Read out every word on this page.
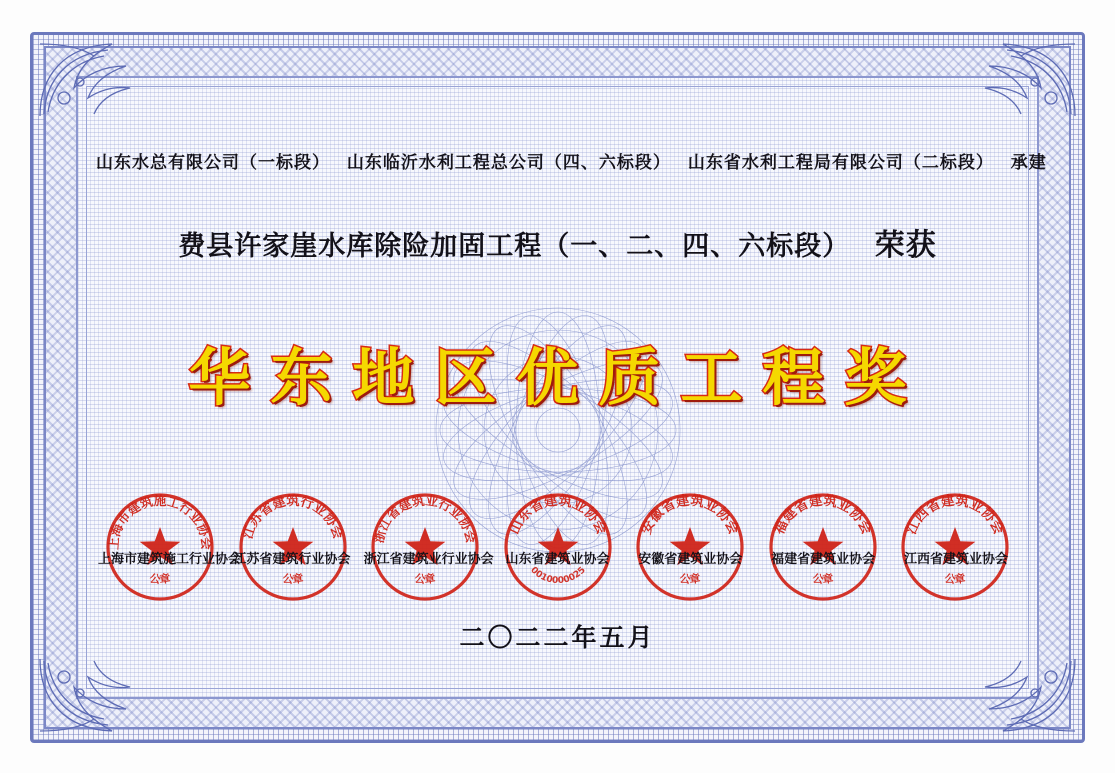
山东水总有限公司（一标段） 山东临沂水利工程总公司（四、六标段） 山东省水利工程局有限公司（二标段） 承建
费县许家崖水库除险加固工程（一、二、四、六标段） 荣获
华东地区优质工程奖
上海市建筑施工行业协会
公章
江苏省建筑行业协会
公章
浙江省建筑业行业协会
公章
山东省建筑业协会
0010000025
安徽省建筑业协会
公章
福建省建筑业协会
公章
江西省建筑业协会
公章
上海市建筑施工行业协会
江苏省建筑行业协会 浙江省建筑业行业协会 山东省建筑业协会	安徽省建筑业协会	福建省建筑业协会	江西省建筑业协会
二〇二二年五月
